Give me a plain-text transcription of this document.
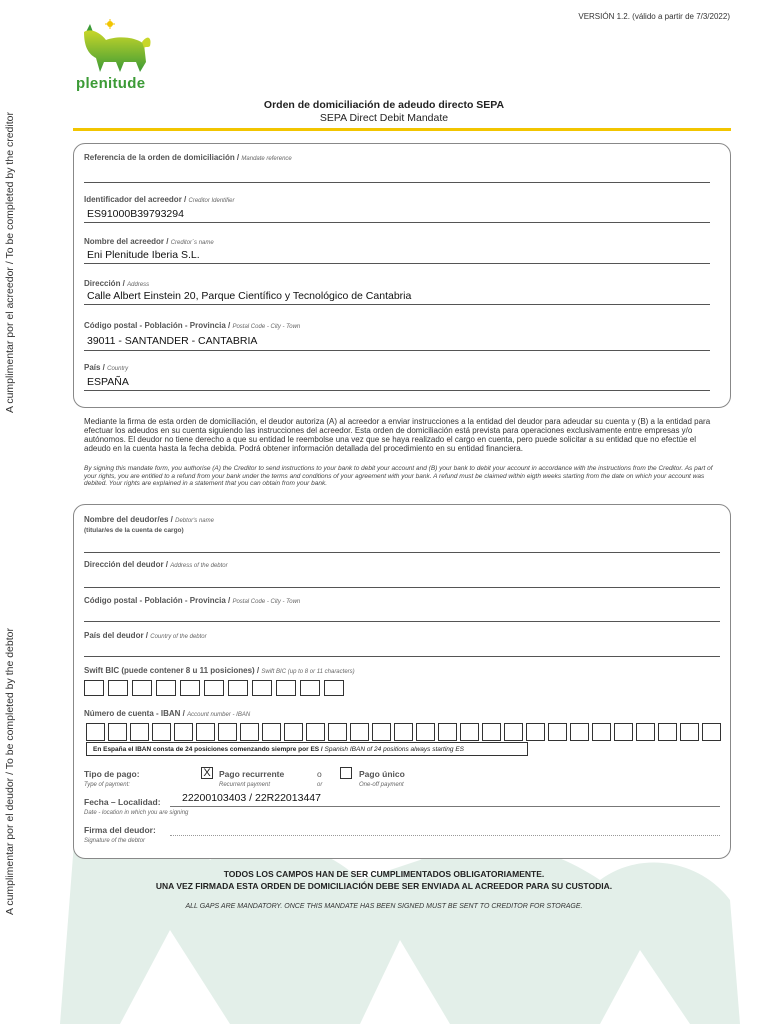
VERSIÓN 1.2. (válido a partir de 7/3/2022)
plenitude
Orden de domiciliación de adeudo directo SEPA
SEPA Direct Debit Mandate
A cumplimentar por el acreedor / To be completed by the creditor
A cumplimentar por el deudor / To be completed by the debtor
Referencia de la orden de domiciliación / Mandate reference
Identificador del acreedor / Creditor Identifier
ES91000B39793294
Nombre del acreedor / Creditor´s name
Eni Plenitude Iberia S.L.
Dirección / Address
Calle Albert Einstein 20, Parque Científico y Tecnológico de Cantabria
Código postal - Población - Provincia / Postal Code - City - Town
39011 - SANTANDER - CANTABRIA
País / Country
ESPAÑA
Mediante la firma de esta orden de domiciliación, el deudor autoriza (A) al acreedor a enviar instrucciones a la entidad del deudor para adeudar su cuenta y (B) a la entidad para efectuar los adeudos en su cuenta siguiendo las instrucciones del acreedor. Esta orden de domiciliación está prevista para operaciones exclusivamente entre empresas y/o autónomos. El deudor no tiene derecho a que su entidad le reembolse una vez que se haya realizado el cargo en cuenta, pero puede solicitar a su entidad que no efectúe el adeudo en la cuenta hasta la fecha debida. Podrá obtener información detallada del procedimiento en su entidad financiera.
By signing this mandate form, you authorise (A) the Creditor to send instructions to your bank to debit your account and (B) your bank to debit your account in accordance with the instructions from the Creditor. As part of your rights, you are entitled to a refund from your bank under the terms and conditions of your agreement with your bank. A refund must be claimed within eigth weeks starting from the date on which your account was debited. Your rights are explained in a statement that you can obtain from your bank.
Nombre del deudor/es / Debtor's name
(titular/es de la cuenta de cargo)
Dirección del deudor / Address of the debtor
Código postal - Población - Provincia / Postal Code - City - Town
País del deudor / Country of the debtor
Swift BIC (puede contener 8 u 11 posiciones) / Swift BIC (up to 8 or 11 characters)
Número de cuenta - IBAN / Account number - IBAN
En España el IBAN consta de 24 posiciones comenzando siempre por ES / Spanish IBAN of 24 positions always starting ES
Tipo de pago:
Type of payment:
X Pago recurrente
Recurrent payment
o
or
Pago único
One-off payment
Fecha – Localidad:
Date - location in which you are signing
22200103403 / 22R22013447
Firma del deudor:
Signature of the debtor
TODOS LOS CAMPOS HAN DE SER CUMPLIMENTADOS OBLIGATORIAMENTE.
UNA VEZ FIRMADA ESTA ORDEN DE DOMICILIACIÓN DEBE SER ENVIADA AL ACREEDOR PARA SU CUSTODIA.
ALL GAPS ARE MANDATORY. ONCE THIS MANDATE HAS BEEN SIGNED MUST BE SENT TO CREDITOR FOR STORAGE.
